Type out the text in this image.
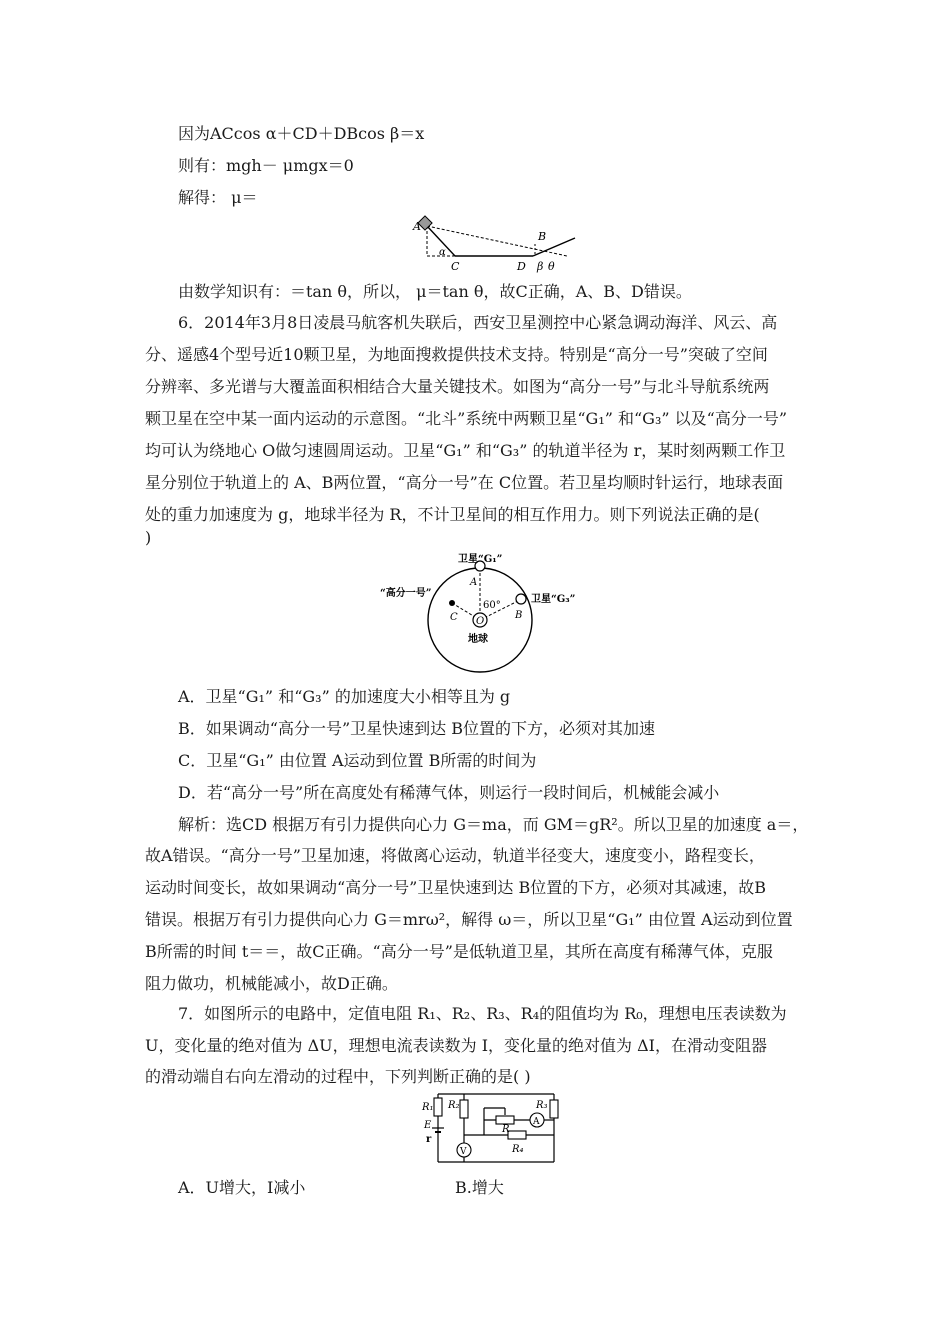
因为ACcos α＋CD＋DBcos β＝x
则有：mgh－ μmgx＝0
解得： μ＝
A
α
C	D
B
β θ
由数学知识有：＝tan θ，所以， μ＝tan θ，故C正确，A、B、D错误。
6．2014年3月8日凌晨马航客机失联后，西安卫星测控中心紧急调动海洋、风云、高
分、遥感4个型号近10颗卫星，为地面搜救提供技术支持。特别是“高分一号”突破了空间
分辨率、多光谱与大覆盖面积相结合大量关键技术。如图为“高分一号”与北斗导航系统两
颗卫星在空中某一面内运动的示意图。“北斗”系统中两颗卫星“G₁” 和“G₃” 以及“高分一号”
均可认为绕地心 O做匀速圆周运动。卫星“G₁” 和“G₃” 的轨道半径为 r，某时刻两颗工作卫
星分别位于轨道上的 A、B两位置，“高分一号”在 C位置。若卫星均顺时针运行，地球表面
处的重力加速度为 g，地球半径为 R，不计卫星间的相互作用力。则下列说法正确的是(
)
卫星“G₁”
卫星“G₃”
“高分一号”
A
B
C O
60°
地球
A．卫星“G₁” 和“G₃” 的加速度大小相等且为 g
B．如果调动“高分一号”卫星快速到达 B位置的下方，必须对其加速
C．卫星“G₁” 由位置 A运动到位置 B所需的时间为
D．若“高分一号”所在高度处有稀薄气体，则运行一段时间后，机械能会减小
解析：选CD 根据万有引力提供向心力 G＝ma，而 GM＝gR²。所以卫星的加速度 a＝，
故A错误。“高分一号”卫星加速，将做离心运动，轨道半径变大，速度变小，路程变长，
运动时间变长，故如果调动“高分一号”卫星快速到达 B位置的下方，必须对其减速，故B
错误。根据万有引力提供向心力 G＝mrω²，解得 ω＝，所以卫星“G₁” 由位置 A运动到位置
B所需的时间 t＝＝，故C正确。“高分一号”是低轨道卫星，其所在高度有稀薄气体，克服
阻力做功，机械能减小，故D正确。
7．如图所示的电路中，定值电阻 R₁、R₂、R₃、R₄的阻值均为 R₀，理想电压表读数为
U，变化量的绝对值为 ΔU，理想电流表读数为 I，变化量的绝对值为 ΔI，在滑动变阻器
的滑动端自右向左滑动的过程中，下列判断正确的是( )
R₁ R₂	R₃
R₄
R
E
r
A
V
A．U增大，I减小	B.增大
